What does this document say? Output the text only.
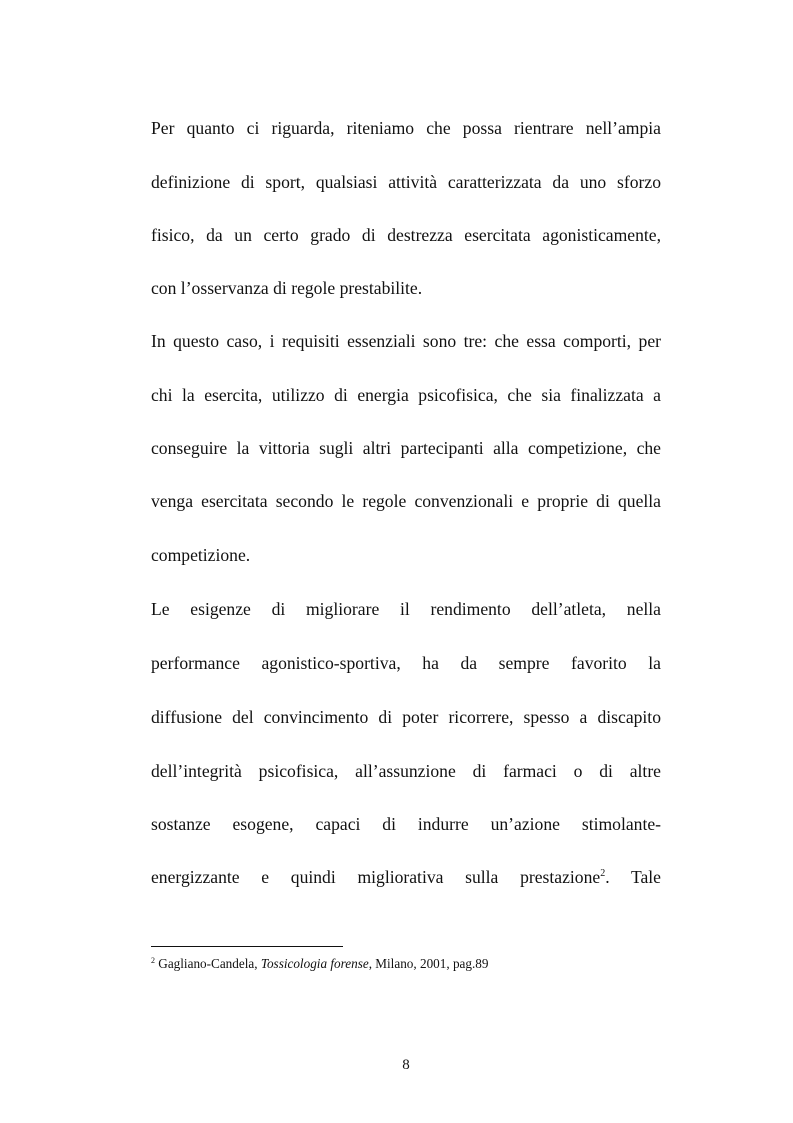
Per quanto ci riguarda, riteniamo che possa rientrare nell’ampia
definizione di sport, qualsiasi attività caratterizzata da uno sforzo
fisico, da un certo grado di destrezza esercitata agonisticamente,
con l’osservanza di regole prestabilite.
In questo caso, i requisiti essenziali sono tre: che essa comporti, per
chi la esercita, utilizzo di energia psicofisica, che sia finalizzata a
conseguire la vittoria sugli altri partecipanti alla competizione, che
venga esercitata secondo le regole convenzionali e proprie di quella
competizione.
Le esigenze di migliorare il rendimento dell’atleta, nella
performance agonistico-sportiva, ha da sempre favorito la
diffusione del convincimento di poter ricorrere, spesso a discapito
dell’integrità psicofisica, all’assunzione di farmaci o di altre
sostanze esogene, capaci di indurre un’azione stimolante-
energizzante e quindi migliorativa sulla prestazione$^2$. Tale
$^2$ Gagliano-Candela, Tossicologia forense, Milano, 2001, pag.89
8
